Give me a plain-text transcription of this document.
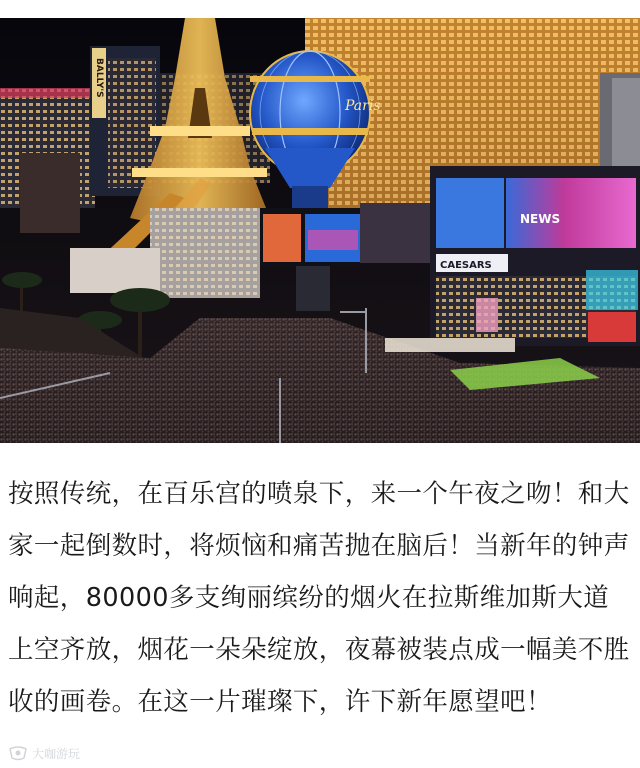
BALLY'S
Paris
NEWS
CAESARS

按照传统，在百乐宫的喷泉下，来一个午夜之吻！和大家一起倒数时，将烦恼和痛苦抛在脑后！当新年的钟声响起，80000多支绚丽缤纷的烟火在拉斯维加斯大道上空齐放，烟花一朵朵绽放，夜幕被装点成一幅美不胜收的画卷。在这一片璀璨下，许下新年愿望吧！

大咖游玩
